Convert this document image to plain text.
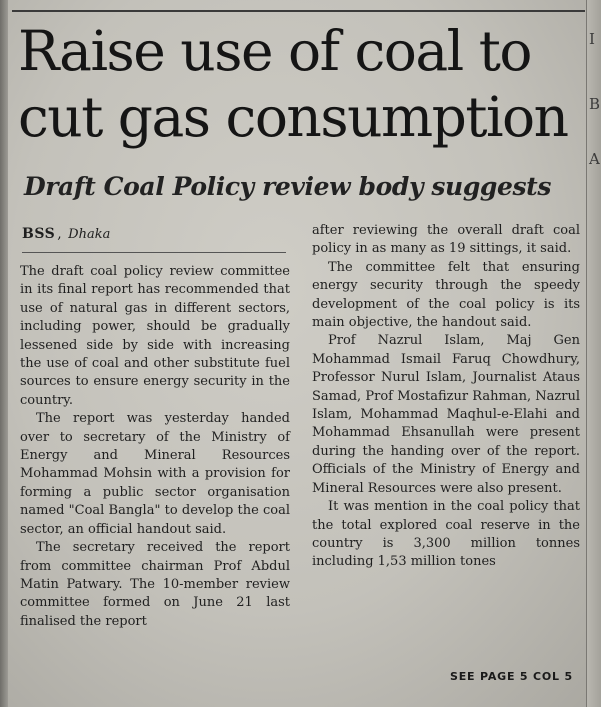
I
B
A
Raise use of coal to
cut gas consumption
Draft Coal Policy review body suggests
BSS , Dhaka

The draft coal policy review committee in its final report has recommended that use of natural gas in different sectors, including power, should be gradually lessened side by side with increasing the use of coal and other substitute fuel sources to ensure energy security in the country.

The report was yesterday handed over to secretary of the Ministry of Energy and Mineral Resources Mohammad Mohsin with a provision for forming a public sector organisation named "Coal Bangla" to develop the coal sector, an official handout said.

The secretary received the report from committee chairman Prof Abdul Matin Patwary. The 10-member review committee formed on June 21 last finalised the report

after reviewing the overall draft coal policy in as many as 19 sittings, it said.

The committee felt that ensuring energy security through the speedy development of the coal policy is its main objective, the handout said.

Prof Nazrul Islam, Maj Gen Mohammad Ismail Faruq Chowdhury, Professor Nurul Islam, Journalist Ataus Samad, Prof Mostafizur Rahman, Nazrul Islam, Mohammad Maqhul-e-Elahi and Mohammad Ehsanullah were present during the handing over of the report. Officials of the Ministry of Energy and Mineral Resources were also present.

It was mention in the coal policy that the total explored coal reserve in the country is 3,300 million tonnes including 1,53 million tones

SEE PAGE 5 COL 5
